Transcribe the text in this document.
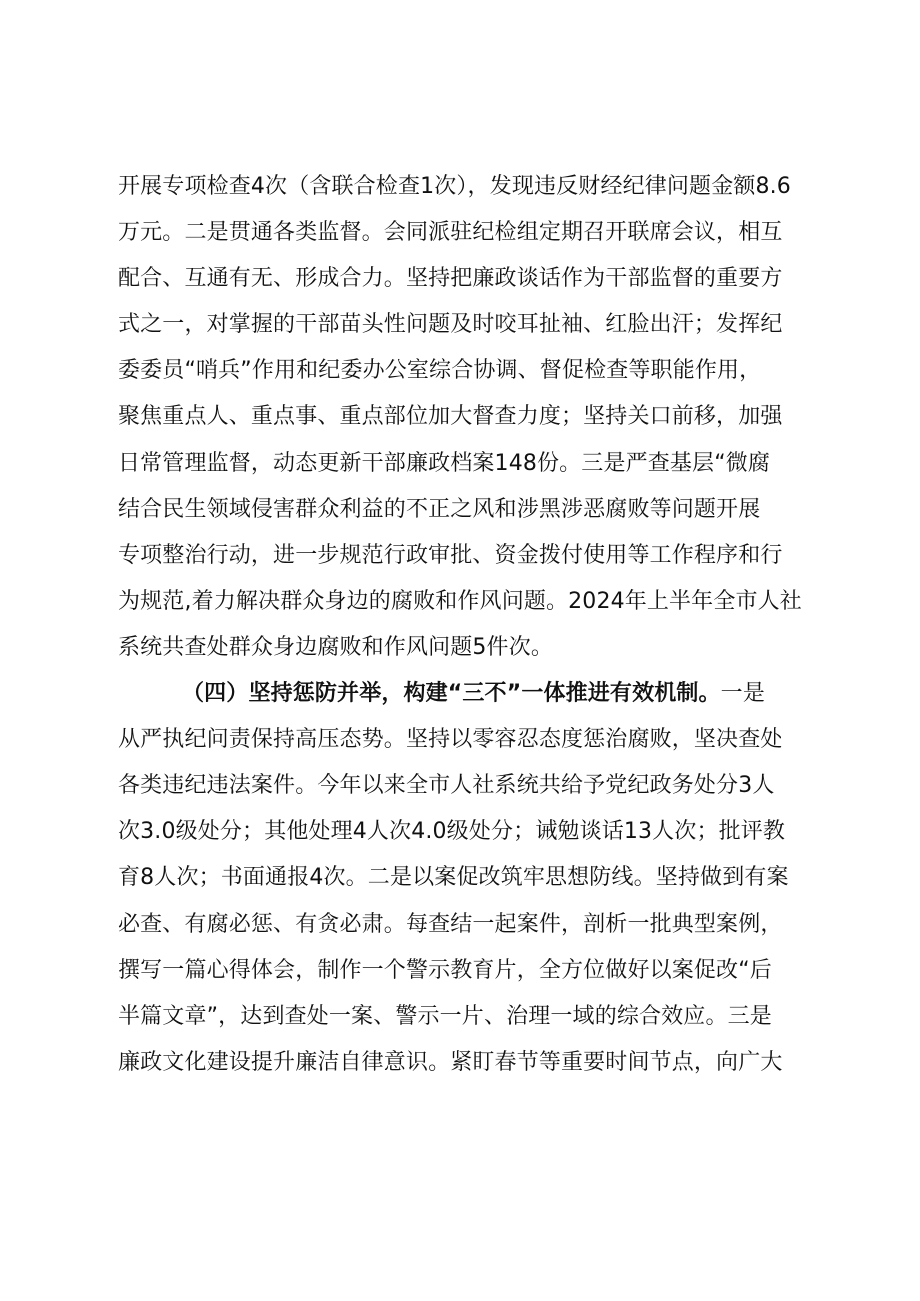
开展专项检查4次（含联合检查1次），发现违反财经纪律问题金额8.6
万元。二是贯通各类监督。会同派驻纪检组定期召开联席会议，相互
配合、互通有无、形成合力。坚持把廉政谈话作为干部监督的重要方
式之一，对掌握的干部苗头性问题及时咬耳扯袖、红脸出汗；发挥纪
委委员“哨兵”作用和纪委办公室综合协调、督促检查等职能作用，
聚焦重点人、重点事、重点部位加大督查力度；坚持关口前移，加强
日常管理监督，动态更新干部廉政档案148份。三是严查基层“微腐
结合民生领域侵害群众利益的不正之风和涉黑涉恶腐败等问题开展
专项整治行动，进一步规范行政审批、资金拨付使用等工作程序和行
为规范,着力解决群众身边的腐败和作风问题。2024年上半年全市人社
系统共查处群众身边腐败和作风问题5件次。
（四）坚持惩防并举，构建“三不”一体推进有效机制。一是
从严执纪问责保持高压态势。坚持以零容忍态度惩治腐败，坚决查处
各类违纪违法案件。今年以来全市人社系统共给予党纪政务处分3人
次3.0级处分；其他处理4人次4.0级处分；诫勉谈话13人次；批评教
育8人次；书面通报4次。二是以案促改筑牢思想防线。坚持做到有案
必查、有腐必惩、有贪必肃。每查结一起案件，剖析一批典型案例，
撰写一篇心得体会，制作一个警示教育片，全方位做好以案促改“后
半篇文章”，达到查处一案、警示一片、治理一域的综合效应。三是
廉政文化建设提升廉洁自律意识。紧盯春节等重要时间节点，向广大
